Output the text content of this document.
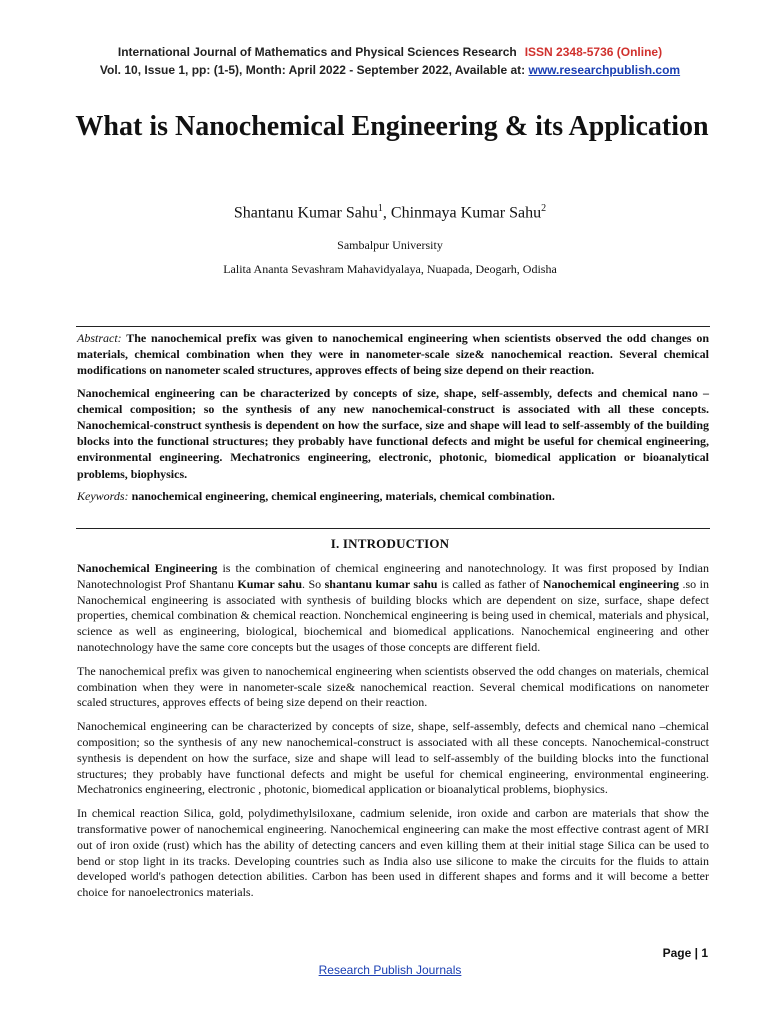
International Journal of Mathematics and Physical Sciences Research ISSN 2348-5736 (Online)
Vol. 10, Issue 1, pp: (1-5), Month: April 2022 - September 2022, Available at: www.researchpublish.com
What is Nanochemical Engineering & its Application
Shantanu Kumar Sahu$^1$, Chinmaya Kumar Sahu$^2$
Sambalpur University
Lalita Ananta Sevashram Mahavidyalaya, Nuapada, Deogarh, Odisha

Abstract: The nanochemical prefix was given to nanochemical engineering when scientists observed the odd changes on materials, chemical combination when they were in nanometer-scale size& nanochemical reaction. Several chemical modifications on nanometer scaled structures, approves effects of being size depend on their reaction.

Nanochemical engineering can be characterized by concepts of size, shape, self-assembly, defects and chemical nano –chemical composition; so the synthesis of any new nanochemical-construct is associated with all these concepts. Nanochemical-construct synthesis is dependent on how the surface, size and shape will lead to self-assembly of the building blocks into the functional structures; they probably have functional defects and might be useful for chemical engineering, environmental engineering. Mechatronics engineering, electronic, photonic, biomedical application or bioanalytical problems, biophysics.

Keywords: nanochemical engineering, chemical engineering, materials, chemical combination.

I. INTRODUCTION

Nanochemical Engineering is the combination of chemical engineering and nanotechnology. It was first proposed by Indian Nanotechnologist Prof Shantanu Kumar sahu. So shantanu kumar sahu is called as father of Nanochemical engineering .so in Nanochemical engineering is associated with synthesis of building blocks which are dependent on size, surface, shape defect properties, chemical combination & chemical reaction. Nonchemical engineering is being used in chemical, materials and physical, science as well as engineering, biological, biochemical and biomedical applications. Nanochemical engineering and other nanotechnology have the same core concepts but the usages of those concepts are different field.

The nanochemical prefix was given to nanochemical engineering when scientists observed the odd changes on materials, chemical combination when they were in nanometer-scale size& nanochemical reaction. Several chemical modifications on nanometer scaled structures, approves effects of being size depend on their reaction.

Nanochemical engineering can be characterized by concepts of size, shape, self-assembly, defects and chemical nano –chemical composition; so the synthesis of any new nanochemical-construct is associated with all these concepts. Nanochemical-construct synthesis is dependent on how the surface, size and shape will lead to self-assembly of the building blocks into the functional structures; they probably have functional defects and might be useful for chemical engineering, environmental engineering. Mechatronics engineering, electronic , photonic, biomedical application or bioanalytical problems, biophysics.

In chemical reaction Silica, gold, polydimethylsiloxane, cadmium selenide, iron oxide and carbon are materials that show the transformative power of nanochemical engineering. Nanochemical engineering can make the most effective contrast agent of MRI out of iron oxide (rust) which has the ability of detecting cancers and even killing them at their initial stage Silica can be used to bend or stop light in its tracks. Developing countries such as India also use silicone to make the circuits for the fluids to attain developed world's pathogen detection abilities. Carbon has been used in different shapes and forms and it will become a better choice for nanoelectronics materials.

Page | 1
Research Publish Journals
